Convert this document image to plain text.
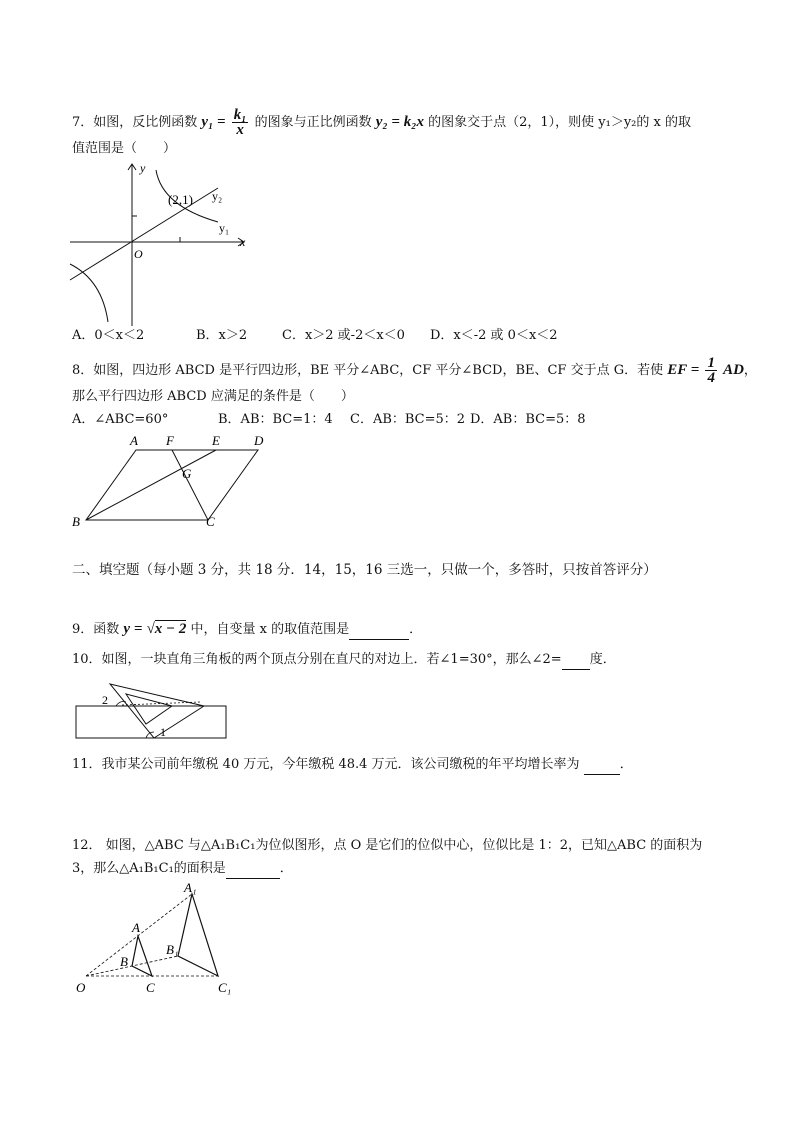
7．如图，反比例函数 $y_1 = \frac{\text{k₁}}{x}$ 的图象与正比例函数 y₂ = k₂x 的图象交于点（2，1），则使 y₁＞y₂的 x 的取
值范围是（　　）
y
x
O
(2,1) y₂
y₁
A．0＜x＜2	B．x＞2	C．x＞2 或-2＜x＜0 D．x＜-2 或 0＜x＜2
8．如图，四边形 ABCD 是平行四边形，BE 平分∠ABC，CF 平分∠BCD，BE、CF 交于点 G．若使 EF = $\frac{1}{4}$ AD，
那么平行四边形 ABCD 应满足的条件是（　　）
A．∠ABC=60°	B．AB：BC=1：4 C．AB：BC=5：2 D．AB：BC=5：8
A F	E	D
G
B	C
二、填空题（每小题 3 分，共 18 分．14，15，16 三选一，只做一个，多答时，只按首答评分）
9．函数 y = √x − 2 中，自变量 x 的取值范围是	．
10．如图，一块直角三角板的两个顶点分别在直尺的对边上．若∠1=30°，那么∠2= 度．
2
1
11．我市某公司前年缴税 40 万元，今年缴税 48.4 万元．该公司缴税的年平均增长率为	．
12． 如图，△ABC 与△A₁B₁C₁为位似图形，点 O 是它们的位似中心，位似比是 1：2，已知△ABC 的面积为
3，那么△A₁B₁C₁的面积是	．
O
A
B
C
A₁
B₁
C₁
